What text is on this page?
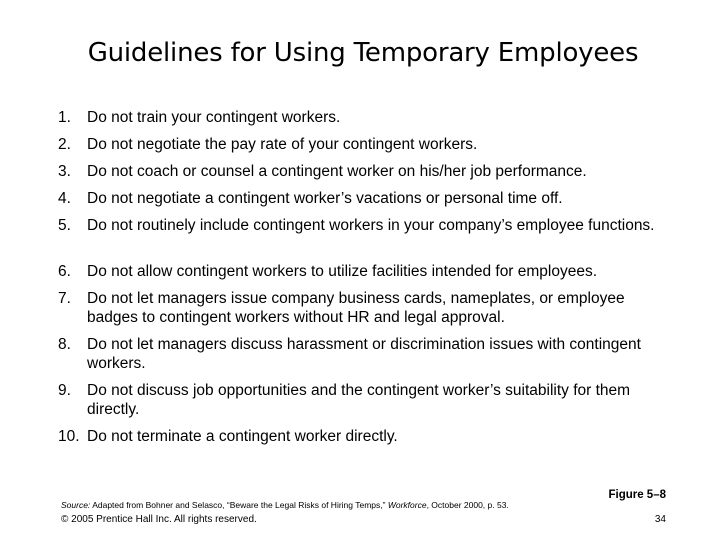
Guidelines for Using Temporary Employees
1.	Do not train your contingent workers.
2.	Do not negotiate the pay rate of your contingent workers.
3.	Do not coach or counsel a contingent worker on his/her job performance.
4.	Do not negotiate a contingent worker’s vacations or personal time off.
5.	Do not routinely include contingent workers in your company’s employee functions.
6.	Do not allow contingent workers to utilize facilities intended for employees.
7.	Do not let managers issue company business cards, nameplates, or employee badges to contingent workers without HR and legal approval.
8.	Do not let managers discuss harassment or discrimination issues with contingent workers.
9.	Do not discuss job opportunities and the contingent worker’s suitability for them directly.
10. Do not terminate a contingent worker directly.
Source: Adapted from Bohner and Selasco, “Beware the Legal Risks of Hiring Temps,” Workforce, October 2000, p. 53.
© 2005 Prentice Hall Inc. All rights reserved.
Figure 5–8
34
